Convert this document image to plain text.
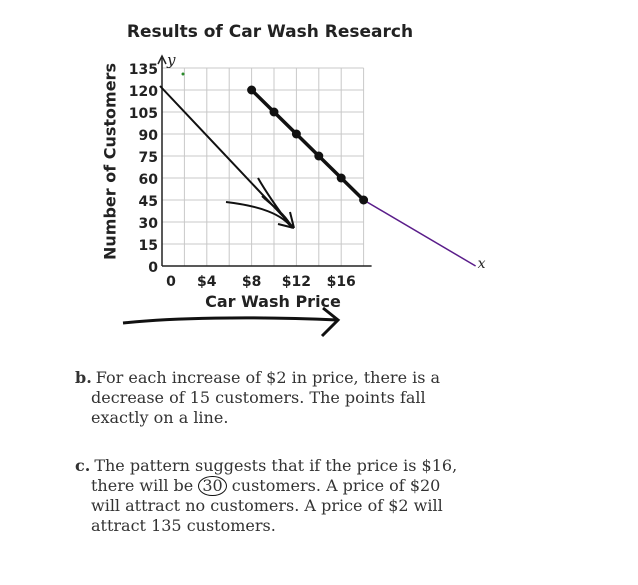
y
0 $4 $8 $12 $16
0
15
30
45
60
75
90
105
120
135
x
Results of Car Wash Research
Number of Customers
Car Wash Price
b. For each increase of $2 in price, there is a
decrease of 15 customers. The points fall
exactly on a line.
c. The pattern suggests that if the price is $16,
there will be 30 customers. A price of $20
will attract no customers. A price of $2 will
attract 135 customers.
